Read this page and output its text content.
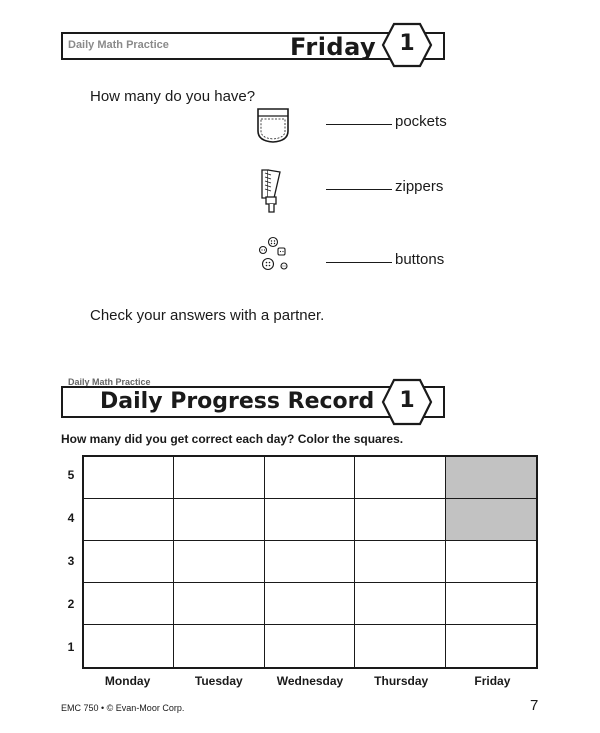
Daily Math Practice	Friday	1
How many do you have?
pockets
zippers
buttons
Check your answers with a partner.
Daily Math Practice
Daily Progress Record	1
How many did you get correct each day? Color the squares.
5
4
3
2
1
Monday	Tuesday	Wednesday	Thursday	Friday
EMC 750 • © Evan-Moor Corp.	7
